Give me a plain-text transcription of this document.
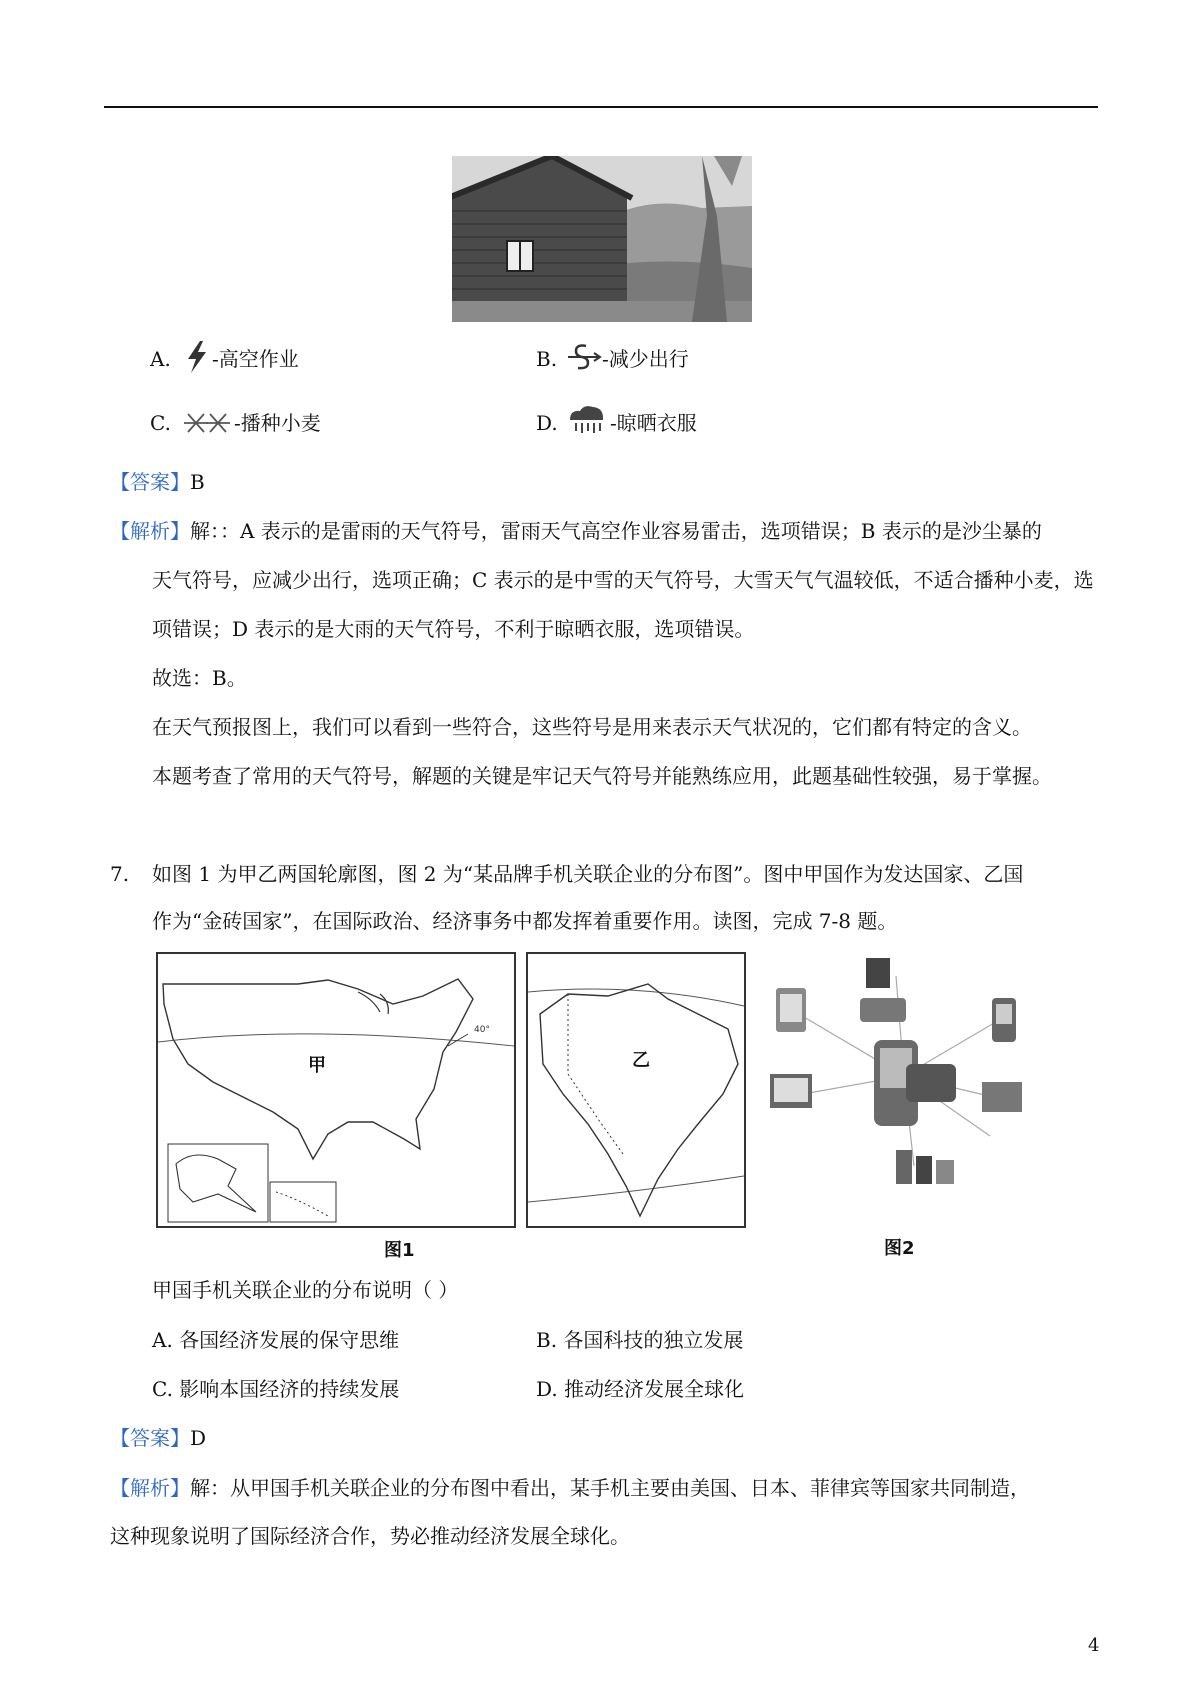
A. -高空作业	B. -减少出行
C.	-播种小麦	D.	-晾晒衣服
【答案】B
【解析】解：：A 表示的是雷雨的天气符号，雷雨天气高空作业容易雷击，选项错误；B 表示的是沙尘暴的
天气符号，应减少出行，选项正确；C 表示的是中雪的天气符号，大雪天气气温较低，不适合播种小麦，选
项错误；D 表示的是大雨的天气符号，不利于晾晒衣服，选项错误。
故选：B。
在天气预报图上，我们可以看到一些符合，这些符号是用来表示天气状况的，它们都有特定的含义。
本题考查了常用的天气符号，解题的关键是牢记天气符号并能熟练应用，此题基础性较强，易于掌握。
7. 如图 1 为甲乙两国轮廓图，图 2 为“某品牌手机关联企业的分布图”。图中甲国作为发达国家、乙国
作为“金砖国家”，在国际政治、经济事务中都发挥着重要作用。读图，完成 7-8 题。
40°
甲	乙
图1	图2
甲国手机关联企业的分布说明（ ）
A. 各国经济发展的保守思维	B. 各国科技的独立发展
C. 影响本国经济的持续发展	D. 推动经济发展全球化
【答案】D
【解析】解：从甲国手机关联企业的分布图中看出，某手机主要由美国、日本、菲律宾等国家共同制造，
这种现象说明了国际经济合作，势必推动经济发展全球化。
4
